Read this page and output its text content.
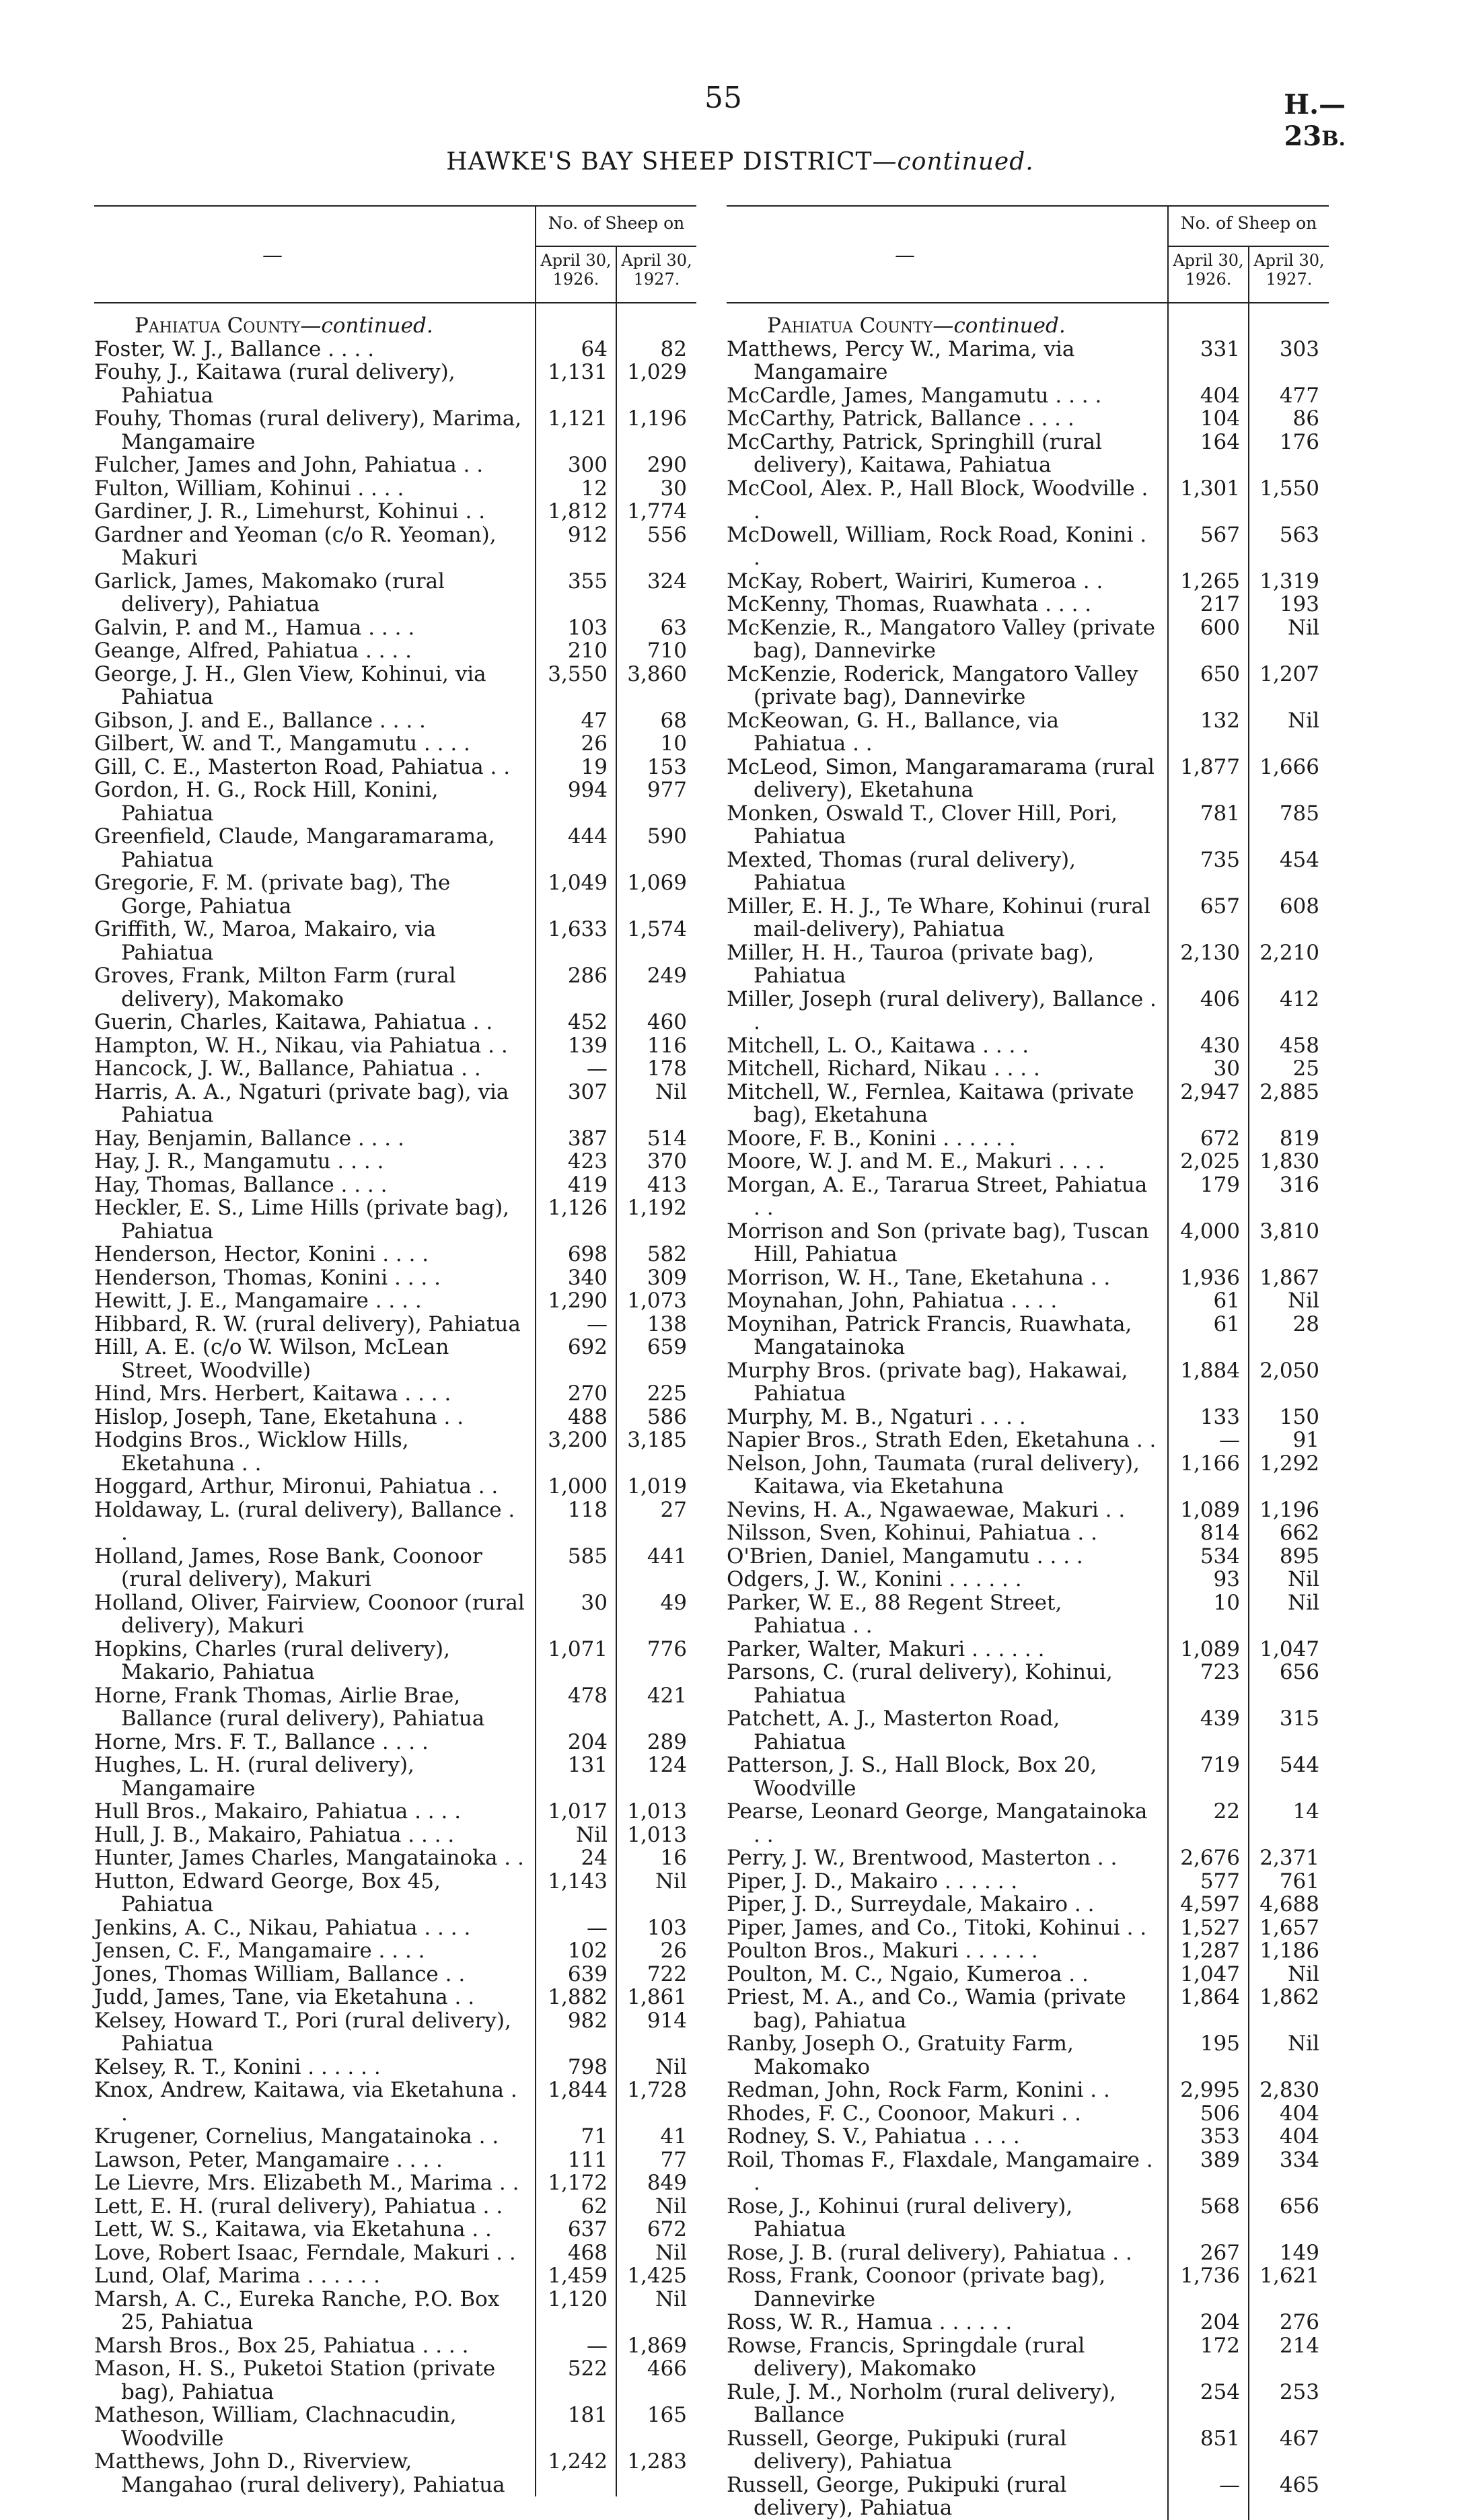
55	H.—23B.
HAWKE'S BAY SHEEP DISTRICT—continued.
—
No. of Sheep on
April 30,
1926.
April 30,
1927.
Pahiatua County—continued.
Foster, W. J., Ballance . . . .	64	82
Fouhy, J., Kaitawa (rural delivery), Pahiatua
1,131 1,029
Fouhy, Thomas (rural delivery), Marima, Mangamaire
1,121 1,196
Fulcher, James and John, Pahiatua . .	300	290
Fulton, William, Kohinui . . . .	12	30
Gardiner, J. R., Limehurst, Kohinui . .	1,812 1,774
Gardner and Yeoman (c/o R. Yeoman), Makuri
912	556
Garlick, James, Makomako (rural delivery), Pahiatua
355	324
Galvin, P. and M., Hamua . . . .	103	63
Geange, Alfred, Pahiatua . . . .	210	710
George, J. H., Glen View, Kohinui, via Pahiatua
3,550 3,860
Gibson, J. and E., Ballance . . . .	47	68
Gilbert, W. and T., Mangamutu . . . .	26	10
Gill, C. E., Masterton Road, Pahiatua . .	19	153
Gordon, H. G., Rock Hill, Konini, Pahiatua
994	977
Greenfield, Claude, Mangaramarama, Pahiatua
444	590
Gregorie, F. M. (private bag), The Gorge, Pahiatua
1,049 1,069
Griffith, W., Maroa, Makairo, via Pahiatua
1,633 1,574
Groves, Frank, Milton Farm (rural delivery), Makomako
286	249
Guerin, Charles, Kaitawa, Pahiatua . .	452	460
Hampton, W. H., Nikau, via Pahiatua . .	139	116
Hancock, J. W., Ballance, Pahiatua . .	—	178
Harris, A. A., Ngaturi (private bag), via Pahiatua
307	Nil
Hay, Benjamin, Ballance . . . .	387	514
Hay, J. R., Mangamutu . . . .	423	370
Hay, Thomas, Ballance . . . .	419	413
Heckler, E. S., Lime Hills (private bag), Pahiatua
1,126 1,192
Henderson, Hector, Konini . . . .	698	582
Henderson, Thomas, Konini . . . .	340	309
Hewitt, J. E., Mangamaire . . . .	1,290 1,073
Hibbard, R. W. (rural delivery), Pahiatua	—	138
Hill, A. E. (c/o W. Wilson, McLean Street, Woodville)
692	659
Hind, Mrs. Herbert, Kaitawa . . . .	270	225
Hislop, Joseph, Tane, Eketahuna . .	488	586
Hodgins Bros., Wicklow Hills, Eketahuna . .
3,200 3,185
Hoggard, Arthur, Mironui, Pahiatua . .	1,000 1,019
Holdaway, L. (rural delivery), Ballance . .
118	27
Holland, James, Rose Bank, Coonoor (rural delivery), Makuri
585	441
Holland, Oliver, Fairview, Coonoor (rural delivery), Makuri
30	49
Hopkins, Charles (rural delivery), Makario, Pahiatua
1,071	776
Horne, Frank Thomas, Airlie Brae, Ballance (rural delivery), Pahiatua
478	421
Horne, Mrs. F. T., Ballance . . . .	204	289
Hughes, L. H. (rural delivery), Mangamaire
131	124
Hull Bros., Makairo, Pahiatua . . . .	1,017 1,013
Hull, J. B., Makairo, Pahiatua . . . .	Nil 1,013
Hunter, James Charles, Mangatainoka . .	24	16
Hutton, Edward George, Box 45, Pahiatua
1,143	Nil
Jenkins, A. C., Nikau, Pahiatua . . . .	—	103
Jensen, C. F., Mangamaire . . . .	102	26
Jones, Thomas William, Ballance . .	639	722
Judd, James, Tane, via Eketahuna . .	1,882 1,861
Kelsey, Howard T., Pori (rural delivery), Pahiatua
982	914
Kelsey, R. T., Konini . . . . . .	798	Nil
Knox, Andrew, Kaitawa, via Eketahuna . .
1,844 1,728
Krugener, Cornelius, Mangatainoka . .	71	41
Lawson, Peter, Mangamaire . . . .	111	77
Le Lievre, Mrs. Elizabeth M., Marima . .	1,172	849
Lett, E. H. (rural delivery), Pahiatua . .	62	Nil
Lett, W. S., Kaitawa, via Eketahuna . .	637	672
Love, Robert Isaac, Ferndale, Makuri . .	468	Nil
Lund, Olaf, Marima . . . . . .	1,459 1,425
Marsh, A. C., Eureka Ranche, P.O. Box 25, Pahiatua
1,120	Nil
Marsh Bros., Box 25, Pahiatua . . . .	— 1,869
Mason, H. S., Puketoi Station (private bag), Pahiatua
522	466
Matheson, William, Clachnacudin, Woodville
181	165
Matthews, John D., Riverview, Mangahao (rural delivery), Pahiatua
1,242 1,283
—
No. of Sheep on
April 30,
1926.
April 30,
1927.
Pahiatua County—continued.
Matthews, Percy W., Marima, via Mangamaire
331	303
McCardle, James, Mangamutu . . . .	404	477
McCarthy, Patrick, Ballance . . . .	104	86
McCarthy, Patrick, Springhill (rural delivery), Kaitawa, Pahiatua
164	176
McCool, Alex. P., Hall Block, Woodville . .
1,301 1,550
McDowell, William, Rock Road, Konini . .
567	563
McKay, Robert, Wairiri, Kumeroa . .	1,265 1,319
McKenny, Thomas, Ruawhata . . . .	217	193
McKenzie, R., Mangatoro Valley (private bag), Dannevirke
600	Nil
McKenzie, Roderick, Mangatoro Valley (private bag), Dannevirke
650 1,207
McKeowan, G. H., Ballance, via Pahiatua . .
132	Nil
McLeod, Simon, Mangaramarama (rural delivery), Eketahuna
1,877 1,666
Monken, Oswald T., Clover Hill, Pori, Pahiatua
781	785
Mexted, Thomas (rural delivery), Pahiatua
735	454
Miller, E. H. J., Te Whare, Kohinui (rural mail-delivery), Pahiatua
657	608
Miller, H. H., Tauroa (private bag), Pahiatua
2,130 2,210
Miller, Joseph (rural delivery), Ballance . .
406	412
Mitchell, L. O., Kaitawa . . . .	430	458
Mitchell, Richard, Nikau . . . .	30	25
Mitchell, W., Fernlea, Kaitawa (private bag), Eketahuna
2,947 2,885
Moore, F. B., Konini . . . . . .	672	819
Moore, W. J. and M. E., Makuri . . . .	2,025 1,830
Morgan, A. E., Tararua Street, Pahiatua . .
179	316
Morrison and Son (private bag), Tuscan Hill, Pahiatua
4,000 3,810
Morrison, W. H., Tane, Eketahuna . .	1,936 1,867
Moynahan, John, Pahiatua . . . .	61	Nil
Moynihan, Patrick Francis, Ruawhata, Mangatainoka
61	28
Murphy Bros. (private bag), Hakawai, Pahiatua
1,884 2,050
Murphy, M. B., Ngaturi . . . .	133	150
Napier Bros., Strath Eden, Eketahuna . .	—	91
Nelson, John, Taumata (rural delivery), Kaitawa, via Eketahuna
1,166 1,292
Nevins, H. A., Ngawaewae, Makuri . .	1,089 1,196
Nilsson, Sven, Kohinui, Pahiatua . .	814	662
O'Brien, Daniel, Mangamutu . . . .	534	895
Odgers, J. W., Konini . . . . . .	93	Nil
Parker, W. E., 88 Regent Street, Pahiatua . .
10	Nil
Parker, Walter, Makuri . . . . . .	1,089 1,047
Parsons, C. (rural delivery), Kohinui, Pahiatua
723	656
Patchett, A. J., Masterton Road, Pahiatua
439	315
Patterson, J. S., Hall Block, Box 20, Woodville
719	544
Pearse, Leonard George, Mangatainoka . .
22	14
Perry, J. W., Brentwood, Masterton . .	2,676 2,371
Piper, J. D., Makairo . . . . . .	577	761
Piper, J. D., Surreydale, Makairo . .	4,597 4,688
Piper, James, and Co., Titoki, Kohinui . .	1,527 1,657
Poulton Bros., Makuri . . . . . .	1,287 1,186
Poulton, M. C., Ngaio, Kumeroa . .	1,047	Nil
Priest, M. A., and Co., Wamia (private bag), Pahiatua
1,864 1,862
Ranby, Joseph O., Gratuity Farm, Makomako
195	Nil
Redman, John, Rock Farm, Konini . .	2,995 2,830
Rhodes, F. C., Coonoor, Makuri . .	506	404
Rodney, S. V., Pahiatua . . . .	353	404
Roil, Thomas F., Flaxdale, Mangamaire . .
389	334
Rose, J., Kohinui (rural delivery), Pahiatua
568	656
Rose, J. B. (rural delivery), Pahiatua . .	267	149
Ross, Frank, Coonoor (private bag), Dannevirke
1,736 1,621
Ross, W. R., Hamua . . . . . .	204	276
Rowse, Francis, Springdale (rural delivery), Makomako
172	214
Rule, J. M., Norholm (rural delivery), Ballance
254	253
Russell, George, Pukipuki (rural delivery), Pahiatua
851	467
Russell, George, Pukipuki (rural delivery), Pahiatua
—	465
